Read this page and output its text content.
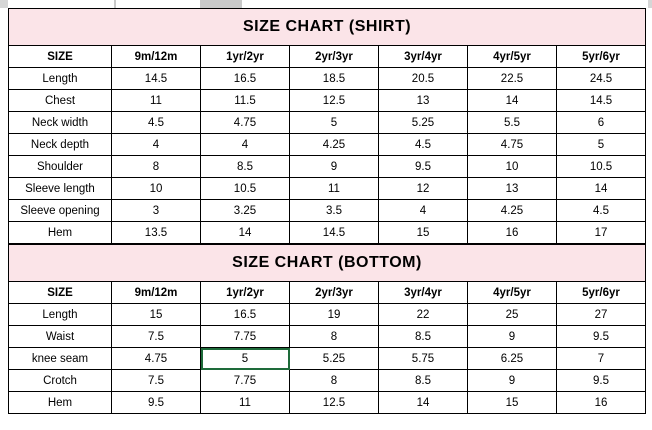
SIZE CHART (SHIRT)						
SIZE	9m/12m	1yr/2yr	2yr/3yr	3yr/4yr	4yr/5yr	5yr/6yr
Length	14.5	16.5	18.5	20.5	22.5	24.5
Chest	11	11.5	12.5	13	14	14.5
Neck width	4.5	4.75	5	5.25	5.5	6
Neck depth	4	4	4.25	4.5	4.75	5
Shoulder	8	8.5	9	9.5	10	10.5
Sleeve length	10	10.5	11	12	13	14
Sleeve opening	3	3.25	3.5	4	4.25	4.5
Hem	13.5	14	14.5	15	16	17
SIZE CHART (BOTTOM)						
SIZE	9m/12m	1yr/2yr	2yr/3yr	3yr/4yr	4yr/5yr	5yr/6yr
Length	15	16.5	19	22	25	27
Waist	7.5	7.75	8	8.5	9	9.5
knee seam	4.75	5	5.25	5.75	6.25	7
Crotch	7.5	7.75	8	8.5	9	9.5
Hem	9.5	11	12.5	14	15	16
